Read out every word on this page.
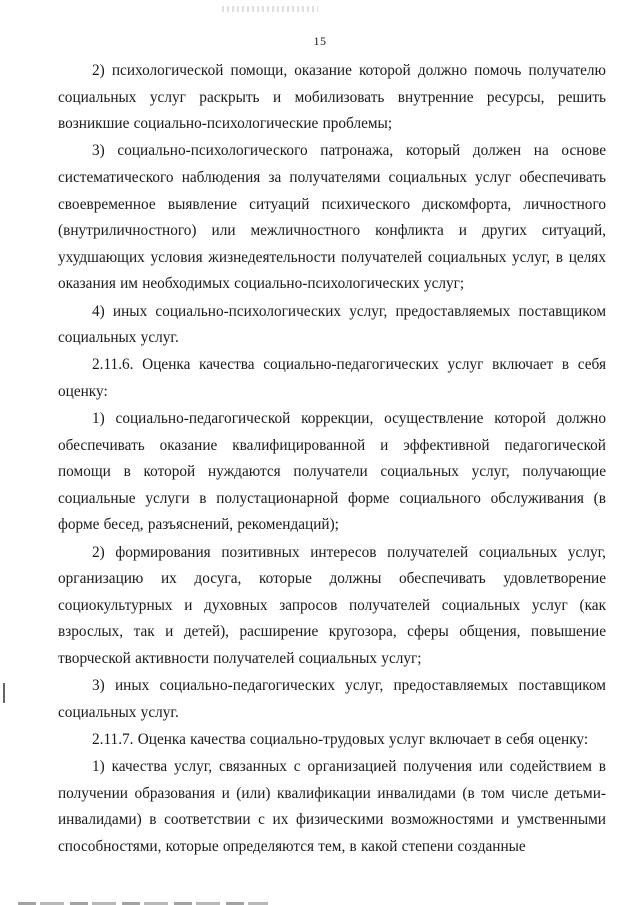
15

2) психологической помощи, оказание которой должно помочь получателю социальных услуг раскрыть и мобилизовать внутренние ресурсы, решить возникшие социально-психологические проблемы;

3) социально-психологического патронажа, который должен на основе систематического наблюдения за получателями социальных услуг обеспечивать своевременное выявление ситуаций психического дискомфорта, личностного (внутриличностного) или межличностного конфликта и других ситуаций, ухудшающих условия жизнедеятельности получателей социальных услуг, в целях оказания им необходимых социально-психологических услуг;

4) иных социально-психологических услуг, предоставляемых поставщиком социальных услуг.

2.11.6. Оценка качества социально-педагогических услуг включает в себя оценку:

1) социально-педагогической коррекции, осуществление которой должно обеспечивать оказание квалифицированной и эффективной педагогической помощи в которой нуждаются получатели социальных услуг, получающие социальные услуги в полустационарной форме социального обслуживания (в форме бесед, разъяснений, рекомендаций);

2) формирования позитивных интересов получателей социальных услуг, организацию их досуга, которые должны обеспечивать удовлетворение социокультурных и духовных запросов получателей социальных услуг (как взрослых, так и детей), расширение кругозора, сферы общения, повышение творческой активности получателей социальных услуг;

3) иных социально-педагогических услуг, предоставляемых поставщиком социальных услуг.

2.11.7. Оценка качества социально-трудовых услуг включает в себя оценку:

1) качества услуг, связанных с организацией получения или содействием в получении образования и (или) квалификации инвалидами (в том числе детьми-инвалидами) в соответствии с их физическими возможностями и умственными способностями, которые определяются тем, в какой степени созданные
